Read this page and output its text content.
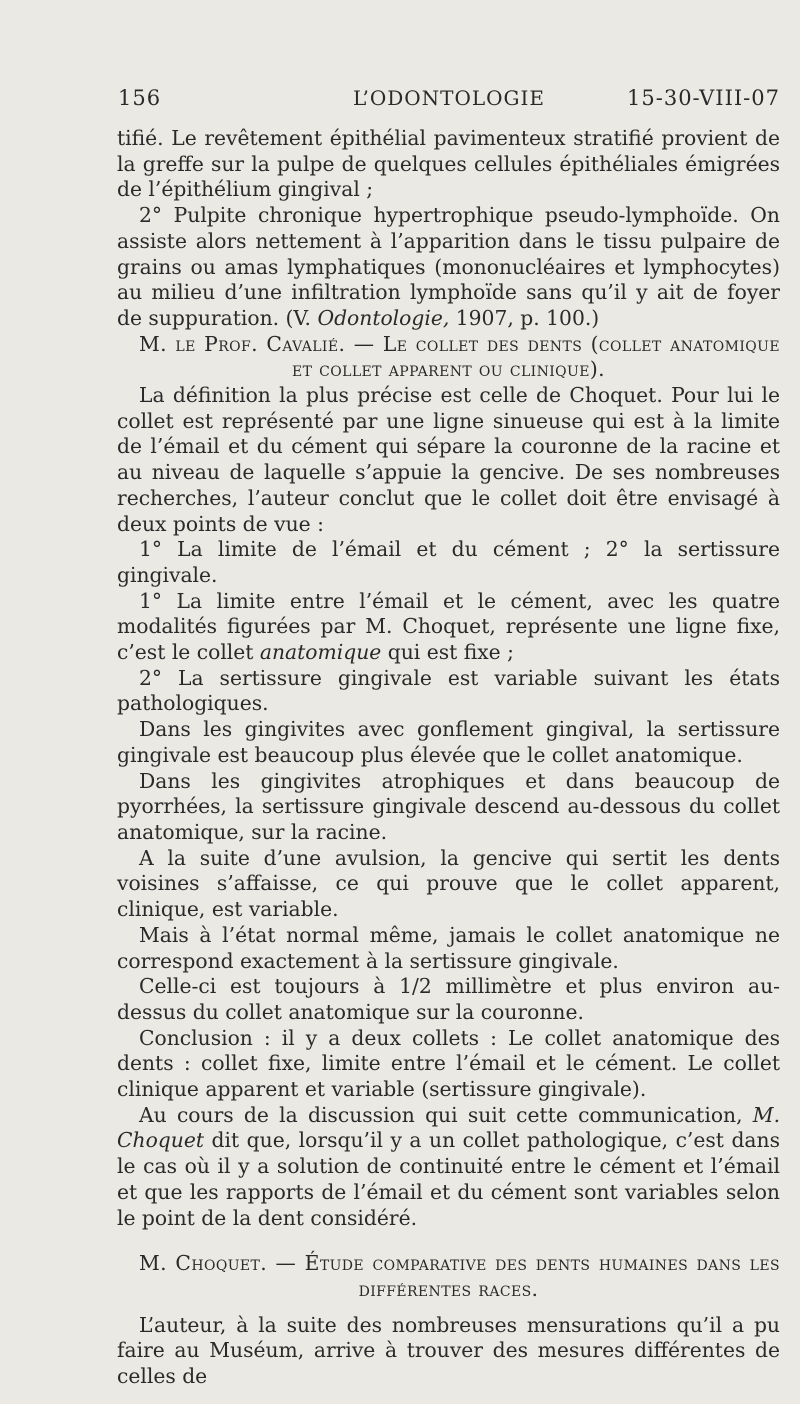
156	L’ODONTOLOGIE	15-30-VIII-07

tifié. Le revêtement épithélial pavimenteux stratifié provient de la greffe sur la pulpe de quelques cellules épithéliales émigrées de l’épithélium gingival ;

2° Pulpite chronique hypertrophique pseudo-lymphoïde. On assiste alors nettement à l’apparition dans le tissu pulpaire de grains ou amas lymphatiques (mononucléaires et lymphocytes) au milieu d’une infiltration lymphoïde sans qu’il y ait de foyer de suppuration. (V. Odontologie, 1907, p. 100.)

M. le Prof. Cavalié. — Le collet des dents (collet anatomique et collet apparent ou clinique).

La définition la plus précise est celle de Choquet. Pour lui le collet est représenté par une ligne sinueuse qui est à la limite de l’émail et du cément qui sépare la couronne de la racine et au niveau de laquelle s’appuie la gencive. De ses nombreuses recherches, l’auteur conclut que le collet doit être envisagé à deux points de vue :

1° La limite de l’émail et du cément ; 2° la sertissure gingivale.

1° La limite entre l’émail et le cément, avec les quatre modalités figurées par M. Choquet, représente une ligne fixe, c’est le collet anatomique qui est fixe ;

2° La sertissure gingivale est variable suivant les états pathologiques.

Dans les gingivites avec gonflement gingival, la sertissure gingivale est beaucoup plus élevée que le collet anatomique.

Dans les gingivites atrophiques et dans beaucoup de pyorrhées, la sertissure gingivale descend au-dessous du collet anatomique, sur la racine.

A la suite d’une avulsion, la gencive qui sertit les dents voisines s’affaisse, ce qui prouve que le collet apparent, clinique, est variable.

Mais à l’état normal même, jamais le collet anatomique ne correspond exactement à la sertissure gingivale.

Celle-ci est toujours à 1/2 millimètre et plus environ au-dessus du collet anatomique sur la couronne.

Conclusion : il y a deux collets : Le collet anatomique des dents : collet fixe, limite entre l’émail et le cément. Le collet clinique apparent et variable (sertissure gingivale).

Au cours de la discussion qui suit cette communication, M. Choquet dit que, lorsqu’il y a un collet pathologique, c’est dans le cas où il y a solution de continuité entre le cément et l’émail et que les rapports de l’émail et du cément sont variables selon le point de la dent considéré.

M. Choquet. — Étude comparative des dents humaines dans les différentes races.

L’auteur, à la suite des nombreuses mensurations qu’il a pu faire au Muséum, arrive à trouver des mesures différentes de celles de
